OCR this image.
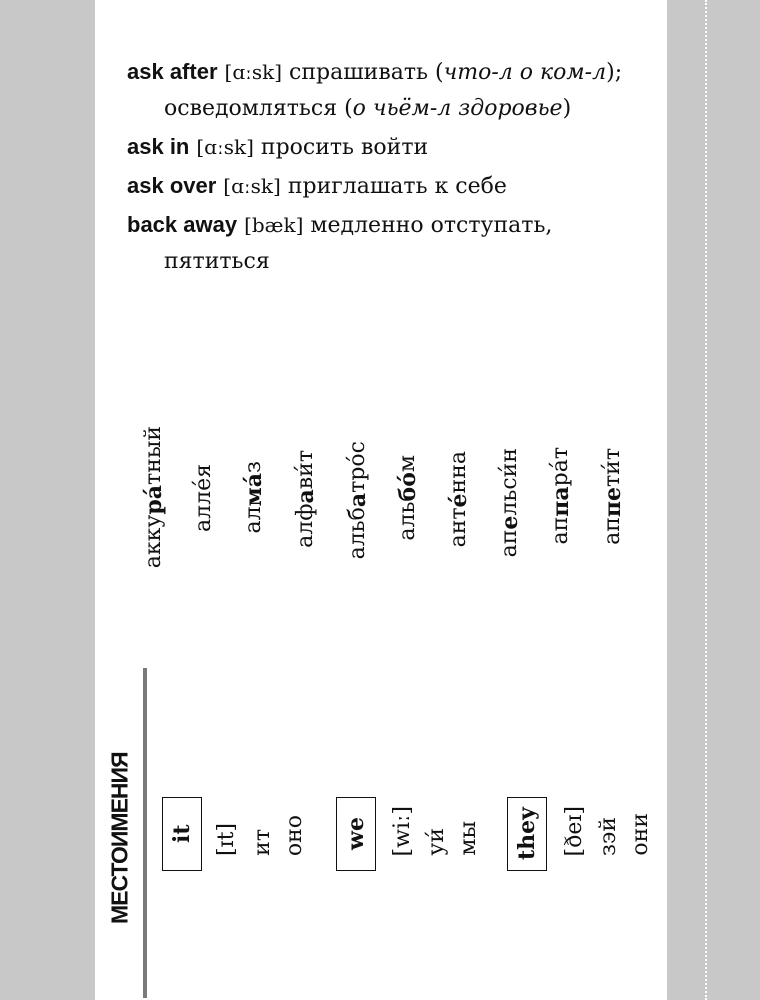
ask after [ɑːsk] спрашивать (что-л о ком-л);
осведомляться (о чьём-л здоровье)
ask in [ɑːsk] просить войти
ask over [ɑːsk] приглашать к себе
back away [bæk] медленно отступать,
пятиться
аккура́тный
алле́я
алма́з
алфави́т
альбатро́с
альбо́м
анте́нна
апельси́н
аппара́т
аппети́т
МЕСТОИМЕНИЯ	it [ɪt] ит оно	we [wiː] уи́ мы	they	[ðeɪ] зэй они
